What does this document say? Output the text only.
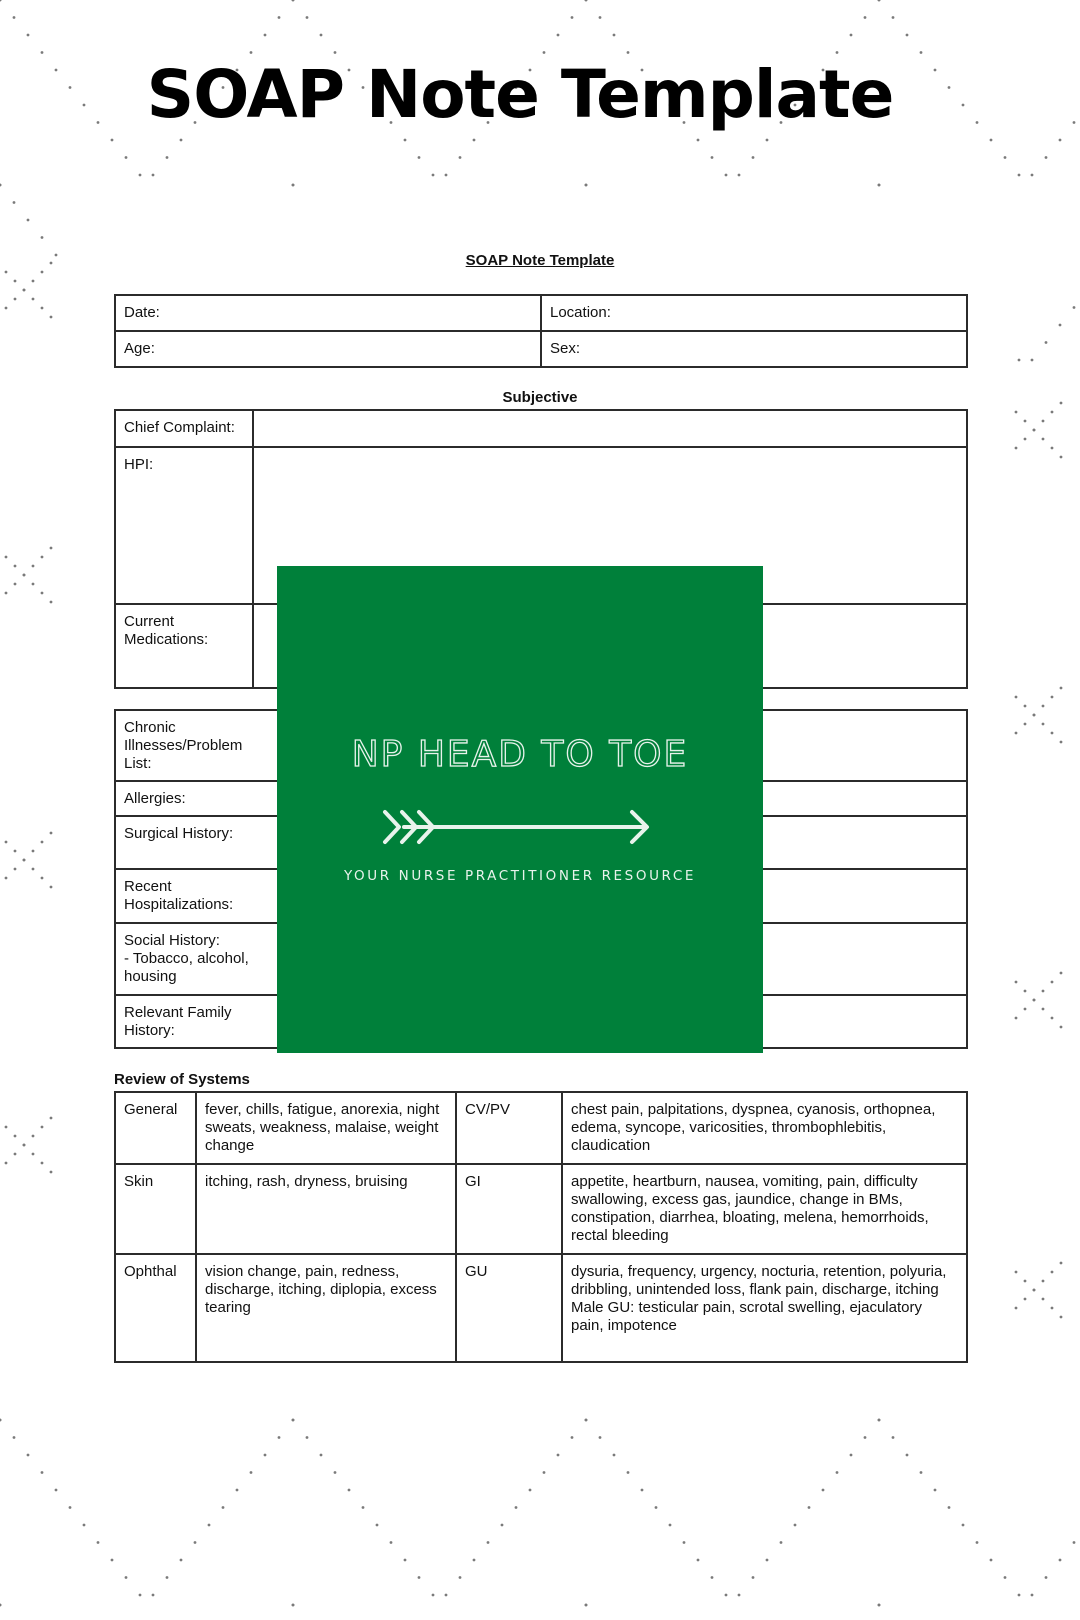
SOAP Note Template
SOAP Note Template
Date:	Location:
Age:	Sex:
Subjective
Chief Complaint:	
HPI:	
Current
Medications:	
Chronic
Illnesses/Problem List:	
Allergies:	
Surgical History:	
Recent
Hospitalizations:	
Social History:
- Tobacco, alcohol,
housing	
Relevant Family
History:	
Review of Systems
General	fever, chills, fatigue, anorexia, night sweats, weakness, malaise, weight change	CV/PV	chest pain, palpitations, dyspnea, cyanosis, orthopnea, edema, syncope, varicosities, thrombophlebitis, claudication
Skin	itching, rash, dryness, bruising	GI	appetite, heartburn, nausea, vomiting, pain, difficulty swallowing, excess gas, jaundice, change in BMs, constipation, diarrhea, bloating, melena, hemorrhoids, rectal bleeding
Ophthal	vision change, pain, redness, discharge, itching, diplopia, excess tearing	GU	dysuria, frequency, urgency, nocturia, retention, polyuria, dribbling, unintended loss, flank pain, discharge, itching
Male GU: testicular pain, scrotal swelling, ejaculatory pain, impotence
NP HEAD TO TOE
YOUR NURSE PRACTITIONER RESOURCE
